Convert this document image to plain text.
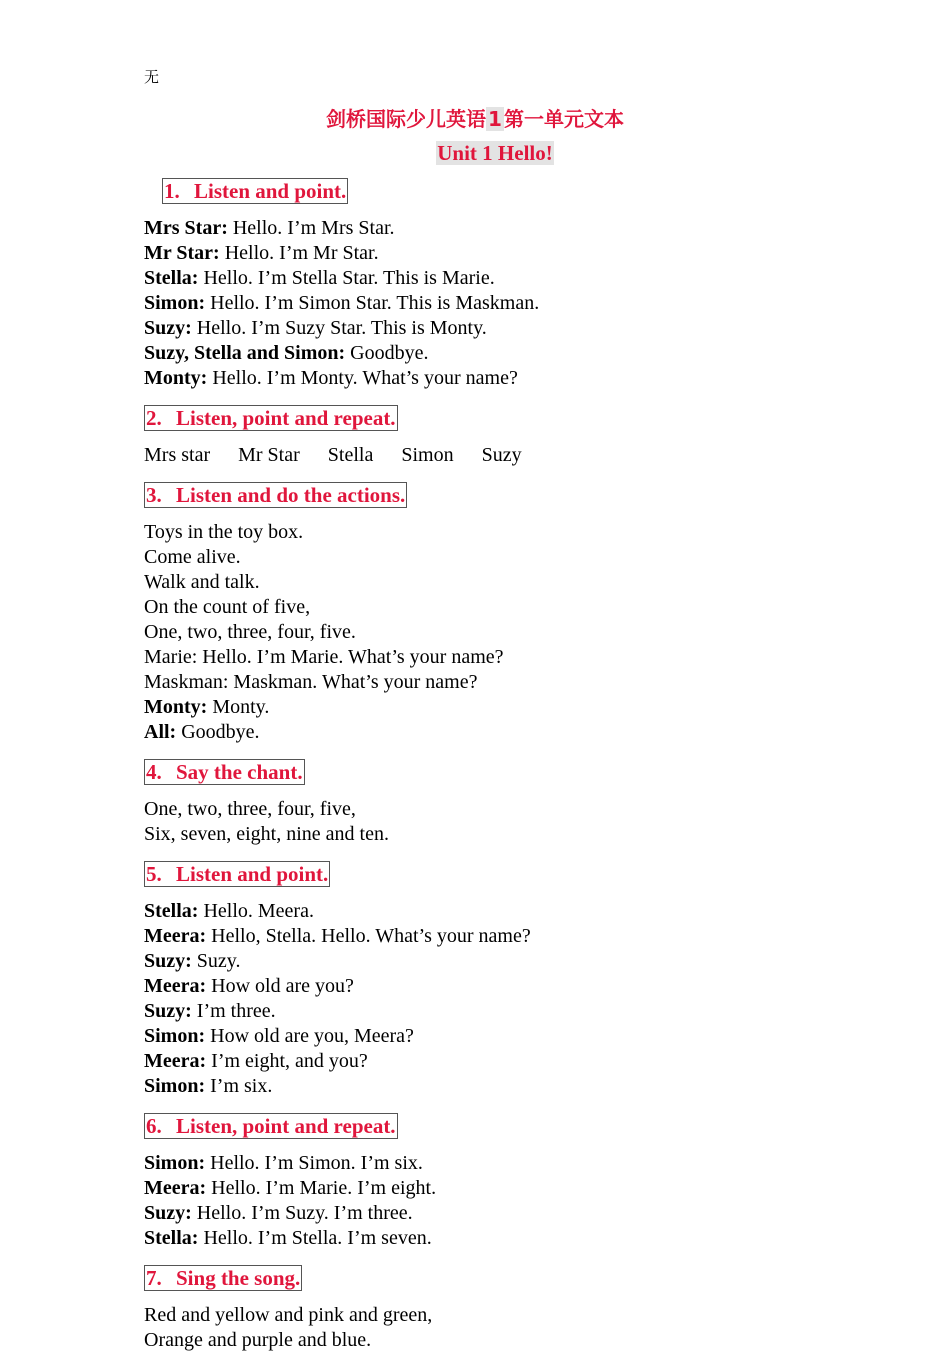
无
剑桥国际少儿英语 1 第一单元文本
Unit 1 Hello!
1. Listen and point.
Mrs Star: Hello. I’m Mrs Star.
Mr Star: Hello. I’m Mr Star.
Stella: Hello. I’m Stella Star. This is Marie.
Simon: Hello. I’m Simon Star. This is Maskman.
Suzy: Hello. I’m Suzy Star. This is Monty.
Suzy, Stella and Simon: Goodbye.
Monty: Hello. I’m Monty. What’s your name?
2. Listen, point and repeat.
Mrs star Mr Star Stella Simon Suzy
3. Listen and do the actions.
Toys in the toy box.
Come alive.
Walk and talk.
On the count of five,
One, two, three, four, five.
Marie: Hello. I’m Marie. What’s your name?
Maskman: Maskman. What’s your name?
Monty: Monty.
All: Goodbye.
4. Say the chant.
One, two, three, four, five,
Six, seven, eight, nine and ten.
5. Listen and point.
Stella: Hello. Meera.
Meera: Hello, Stella. Hello. What’s your name?
Suzy: Suzy.
Meera: How old are you?
Suzy: I’m three.
Simon: How old are you, Meera?
Meera: I’m eight, and you?
Simon: I’m six.
6. Listen, point and repeat.
Simon: Hello. I’m Simon. I’m six.
Meera: Hello. I’m Marie. I’m eight.
Suzy: Hello. I’m Suzy. I’m three.
Stella: Hello. I’m Stella. I’m seven.
7. Sing the song.
Red and yellow and pink and green,
Orange and purple and blue.
